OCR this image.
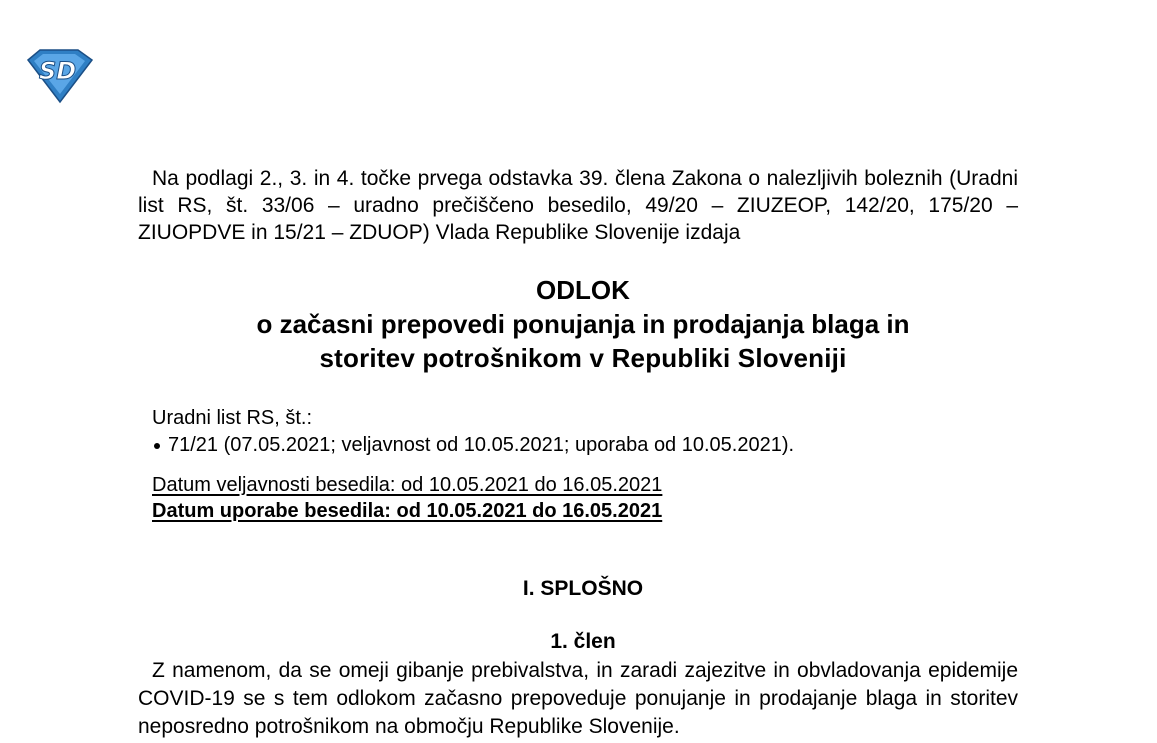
SD
Na podlagi 2., 3. in 4. točke prvega odstavka 39. člena Zakona o nalezljivih boleznih (Uradni list RS, št. 33/06 – uradno prečiščeno besedilo, 49/20 – ZIUZEOP, 142/20, 175/20 – ZIUOPDVE in 15/21 – ZDUOP) Vlada Republike Slovenije izdaja
ODLOK
o začasni prepovedi ponujanja in prodajanja blaga in
storitev potrošnikom v Republiki Sloveniji
Uradni list RS, št.:
71/21 (07.05.2021; veljavnost od 10.05.2021; uporaba od 10.05.2021).
Datum veljavnosti besedila: od 10.05.2021 do 16.05.2021
Datum uporabe besedila: od 10.05.2021 do 16.05.2021
I. SPLOŠNO
1. člen
Z namenom, da se omeji gibanje prebivalstva, in zaradi zajezitve in obvladovanja epidemije COVID-19 se s tem odlokom začasno prepoveduje ponujanje in prodajanje blaga in storitev neposredno potrošnikom na območju Republike Slovenije.
